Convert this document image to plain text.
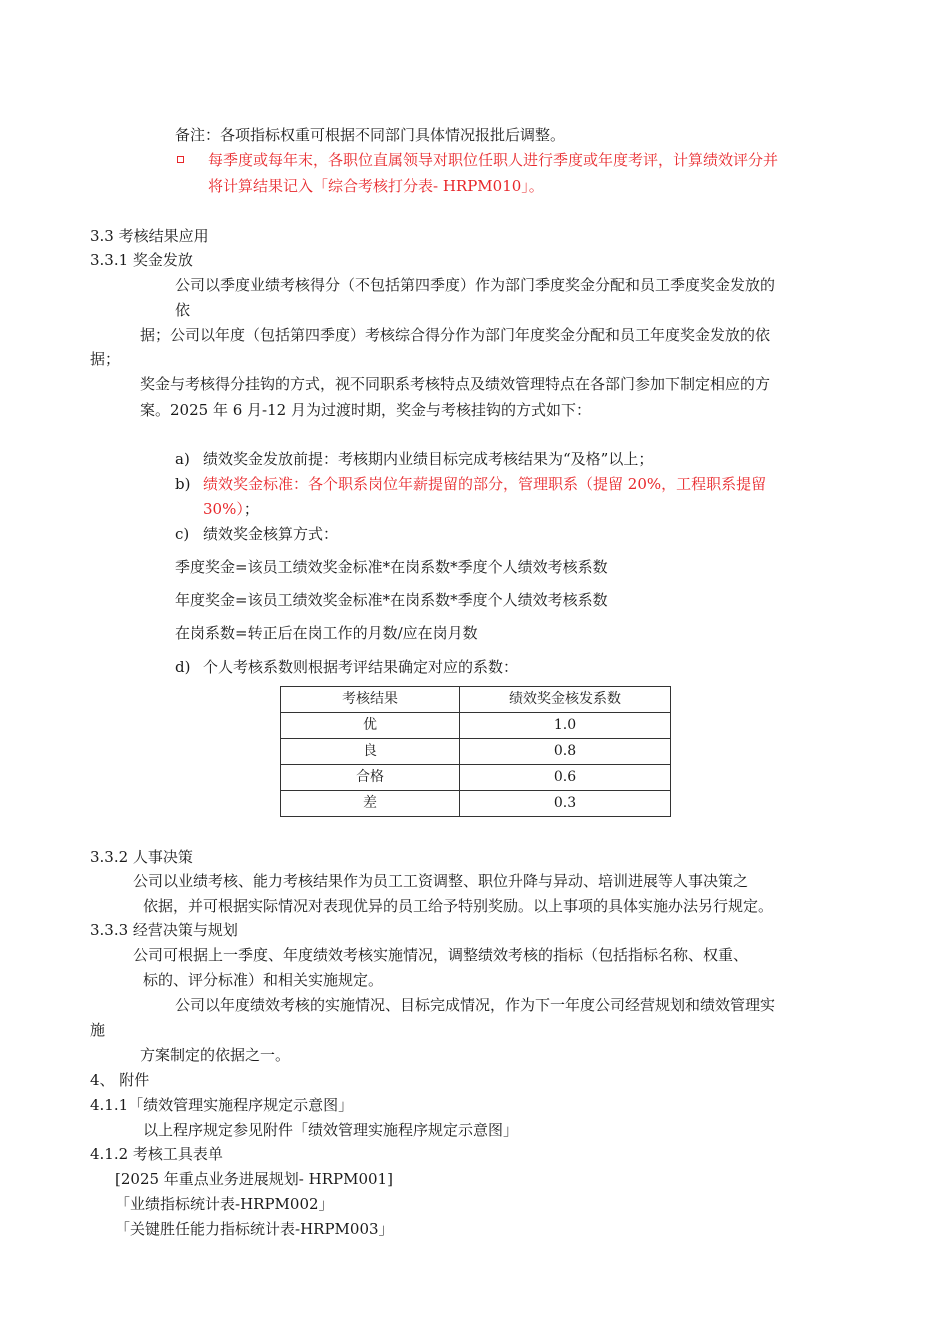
备注：各项指标权重可根据不同部门具体情况报批后调整。
每季度或每年末，各职位直属领导对职位任职人进行季度或年度考评，计算绩效评分并
将计算结果记入「综合考核打分表- HRPM010」。
3.3 考核结果应用
3.3.1 奖金发放
公司以季度业绩考核得分（不包括第四季度）作为部门季度奖金分配和员工季度奖金发放的
依
据；公司以年度（包括第四季度）考核综合得分作为部门年度奖金分配和员工年度奖金发放的依
据；
奖金与考核得分挂钩的方式，视不同职系考核特点及绩效管理特点在各部门参加下制定相应的方
案。2025 年 6 月-12 月为过渡时期，奖金与考核挂钩的方式如下：
a) 绩效奖金发放前提：考核期内业绩目标完成考核结果为“及格”以上；
b) 绩效奖金标准：各个职系岗位年薪提留的部分，管理职系（提留 20%，工程职系提留
30%）；
c) 绩效奖金核算方式：
季度奖金=该员工绩效奖金标准*在岗系数*季度个人绩效考核系数
年度奖金=该员工绩效奖金标准*在岗系数*季度个人绩效考核系数
在岗系数=转正后在岗工作的月数/应在岗月数
d) 个人考核系数则根据考评结果确定对应的系数：
考核结果	绩效奖金核发系数
优	1.0
良	0.8
合格	0.6
差	0.3
3.3.2 人事决策
公司以业绩考核、能力考核结果作为员工工资调整、职位升降与异动、培训进展等人事决策之
依据，并可根据实际情况对表现优异的员工给予特别奖励。以上事项的具体实施办法另行规定。
3.3.3 经营决策与规划
公司可根据上一季度、年度绩效考核实施情况，调整绩效考核的指标（包括指标名称、权重、
标的、评分标准）和相关实施规定。
公司以年度绩效考核的实施情况、目标完成情况，作为下一年度公司经营规划和绩效管理实
施
方案制定的依据之一。
4、 附件
4.1.1「绩效管理实施程序规定示意图」
以上程序规定参见附件「绩效管理实施程序规定示意图」
4.1.2 考核工具表单
[2025 年重点业务进展规划- HRPM001]
「业绩指标统计表-HRPM002」
「关键胜任能力指标统计表-HRPM003」
